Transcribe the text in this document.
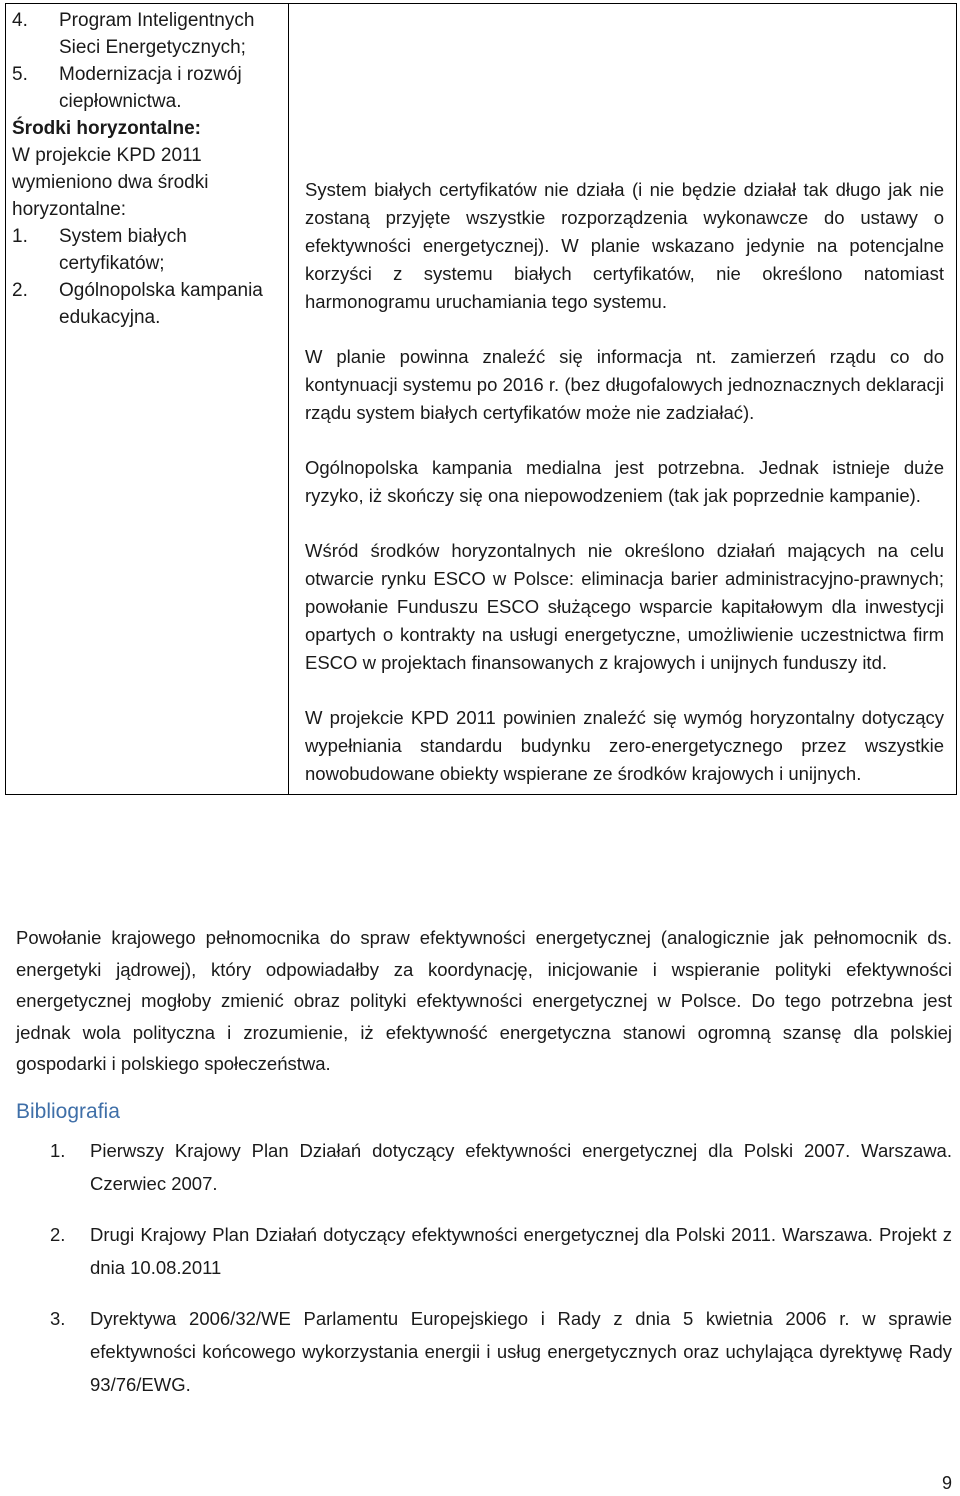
4. Program Inteligentnych Sieci Energetycznych;
5. Modernizacja i rozwój ciepłownictwa.
Środki horyzontalne:
W projekcie KPD 2011 wymieniono dwa środki horyzontalne:
1. System białych certyfikatów;
2. Ogólnopolska kampania edukacyjna.

System białych certyfikatów nie działa (i nie będzie działał tak długo jak nie zostaną przyjęte wszystkie rozporządzenia wykonawcze do ustawy o efektywności energetycznej). W planie wskazano jedynie na potencjalne korzyści z systemu białych certyfikatów, nie określono natomiast harmonogramu uruchamiania tego systemu.

W planie powinna znaleźć się informacja nt. zamierzeń rządu co do kontynuacji systemu po 2016 r. (bez długofalowych jednoznacznych deklaracji rządu system białych certyfikatów może nie zadziałać).

Ogólnopolska kampania medialna jest potrzebna. Jednak istnieje duże ryzyko, iż skończy się ona niepowodzeniem (tak jak poprzednie kampanie).

Wśród środków horyzontalnych nie określono działań mających na celu otwarcie rynku ESCO w Polsce: eliminacja barier administracyjno-prawnych; powołanie Funduszu ESCO służącego wsparcie kapitałowym dla inwestycji opartych o kontrakty na usługi energetyczne, umożliwienie uczestnictwa firm ESCO w projektach finansowanych z krajowych i unijnych funduszy itd.

W projekcie KPD 2011 powinien znaleźć się wymóg horyzontalny dotyczący wypełniania standardu budynku zero-energetycznego przez wszystkie nowobudowane obiekty wspierane ze środków krajowych i unijnych.

Powołanie krajowego pełnomocnika do spraw efektywności energetycznej (analogicznie jak pełnomocnik ds. energetyki jądrowej), który odpowiadałby za koordynację, inicjowanie i wspieranie polityki efektywności energetycznej mogłoby zmienić obraz polityki efektywności energetycznej w Polsce. Do tego potrzebna jest jednak wola polityczna i zrozumienie, iż efektywność energetyczna stanowi ogromną szansę dla polskiej gospodarki i polskiego społeczeństwa.

Bibliografia
1. Pierwszy Krajowy Plan Działań dotyczący efektywności energetycznej dla Polski 2007. Warszawa. Czerwiec 2007.
2. Drugi Krajowy Plan Działań dotyczący efektywności energetycznej dla Polski 2011. Warszawa. Projekt z dnia 10.08.2011
3. Dyrektywa 2006/32/WE Parlamentu Europejskiego i Rady z dnia 5 kwietnia 2006 r. w sprawie efektywności końcowego wykorzystania energii i usług energetycznych oraz uchylająca dyrektywę Rady 93/76/EWG.
9
